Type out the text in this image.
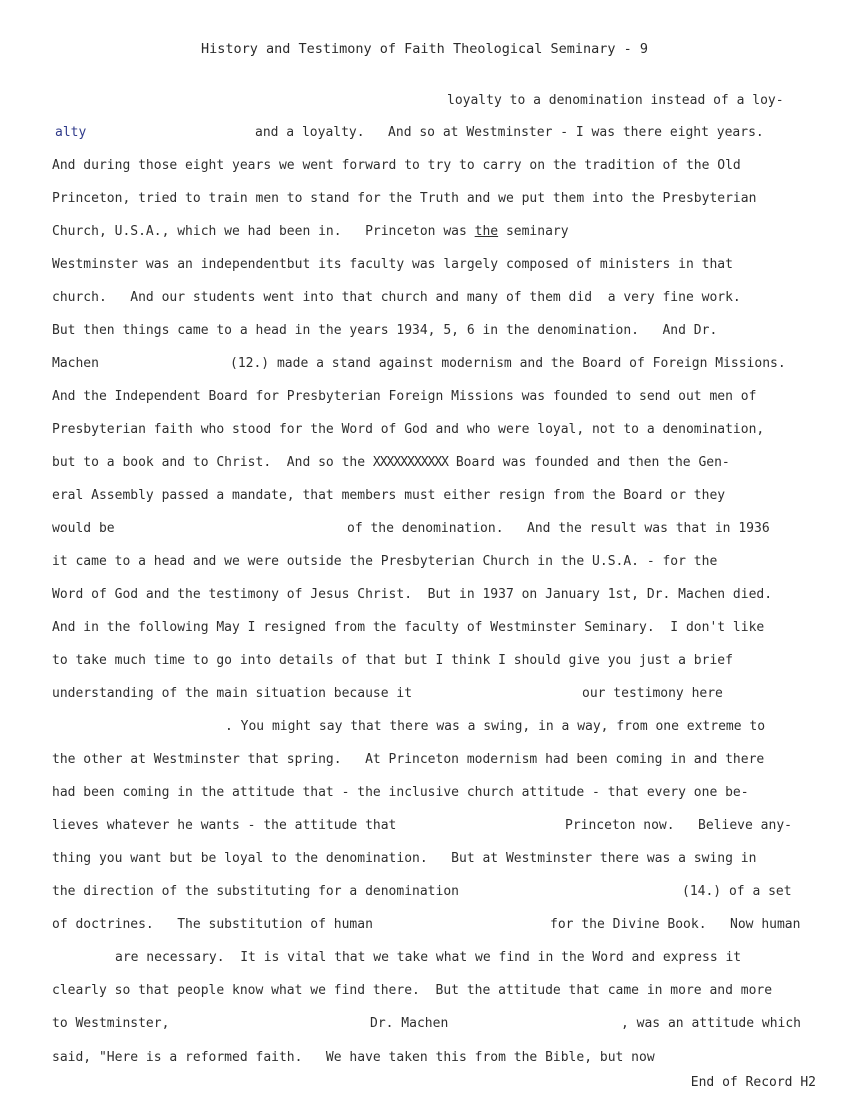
History and Testimony of Faith Theological Seminary - 9
loyalty to a denomination instead of a loy-
alty	and a loyalty.   And so at Westminster - I was there eight years.
And during those eight years we went forward to try to carry on the tradition of the Old
Princeton, tried to train men to stand for the Truth and we put them into the Presbyterian
Church, U.S.A., which we had been in.   Princeton was the seminary
Westminster was an independentbut its faculty was largely composed of ministers in that
church.   And our students went into that church and many of them did  a very fine work.
But then things came to a head in the years 1934, 5, 6 in the denomination.   And Dr.
Machen	(12.) made a stand against modernism and the Board of Foreign Missions.
And the Independent Board for Presbyterian Foreign Missions was founded to send out men of
Presbyterian faith who stood for the Word of God and who were loyal, not to a denomination,
but to a book and to Christ.  And so the XXXXXXXXXXX Board was founded and then the Gen-
eral Assembly passed a mandate, that members must either resign from the Board or they
would be	of the denomination.   And the result was that in 1936
it came to a head and we were outside the Presbyterian Church in the U.S.A. - for the
Word of God and the testimony of Jesus Christ.  But in 1937 on January 1st, Dr. Machen died.
And in the following May I resigned from the faculty of Westminster Seminary.  I don't like
to take much time to go into details of that but I think I should give you just a brief
understanding of the main situation because it	our testimony here
. You might say that there was a swing, in a way, from one extreme to
the other at Westminster that spring.   At Princeton modernism had been coming in and there
had been coming in the attitude that - the inclusive church attitude - that every one be-
lieves whatever he wants - the attitude that	Princeton now.   Believe any-
thing you want but be loyal to the denomination.   But at Westminster there was a swing in
the direction of the substituting for a denomination	(14.) of a set
of doctrines.   The substitution of human	for the Divine Book.   Now human
are necessary.  It is vital that we take what we find in the Word and express it
clearly so that people know what we find there.  But the attitude that came in more and more
to Westminster,	Dr. Machen	, was an attitude which
said, "Here is a reformed faith.   We have taken this from the Bible, but now
End of Record H2
